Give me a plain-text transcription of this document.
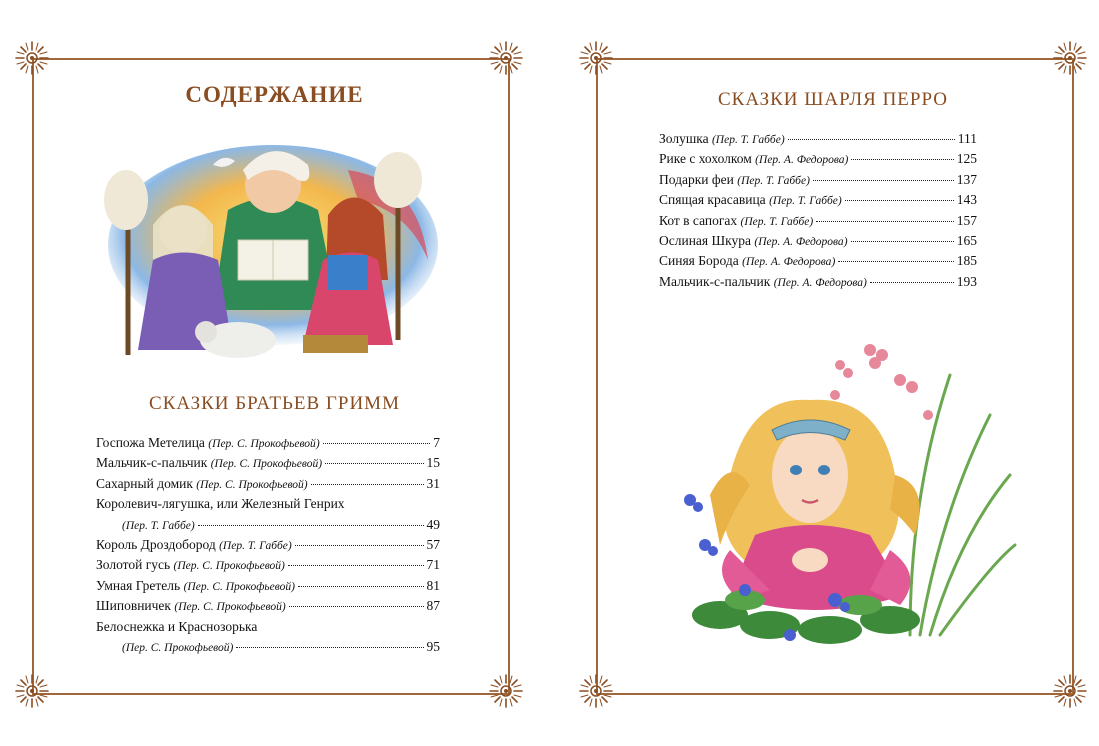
СОДЕРЖАНИЕ
СКАЗКИ БРАТЬЕВ ГРИММ
Госпожа Метелица
(Пер. С. Прокофьевой)	7
Мальчик-с-пальчик
(Пер. С. Прокофьевой)	15
Сахарный домик
(Пер. С. Прокофьевой)	31
Королевич-лягушка, или Железный Генрих
(Пер. Т. Габбе)	49
Король Дроздобород
(Пер. Т. Габбе)	57
Золотой гусь
(Пер. С. Прокофьевой)	71
Умная Гретель
(Пер. С. Прокофьевой)	81
Шиповничек
(Пер. С. Прокофьевой)	87
Белоснежка и Краснозорька
(Пер. С. Прокофьевой)	95
СКАЗКИ ШАРЛЯ ПЕРРО
Золушка
(Пер. Т. Габбе)	111
Рике с хохолком
(Пер. А. Федорова)	125
Подарки феи
(Пер. Т. Габбе)	137
Спящая красавица
(Пер. Т. Габбе)	143
Кот в сапогах
(Пер. Т. Габбе)	157
Ослиная Шкура
(Пер. А. Федорова)	165
Синяя Борода
(Пер. А. Федорова)	185
Мальчик-с-пальчик
(Пер. А. Федорова)	193
